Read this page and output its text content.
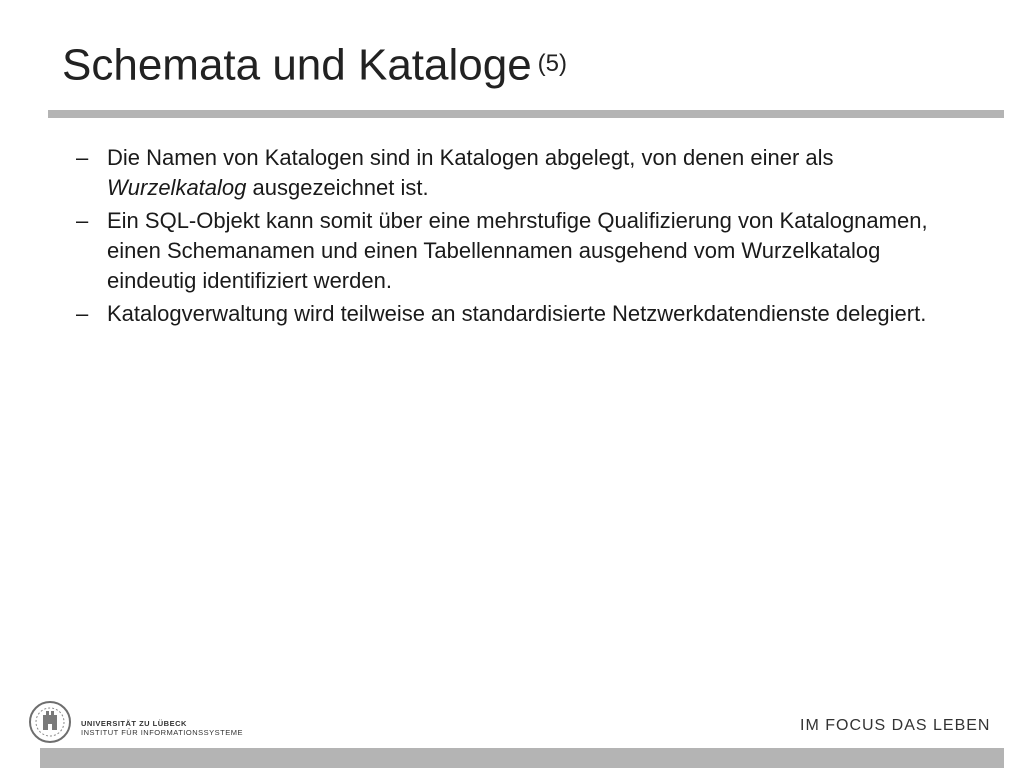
Schemata und Kataloge (5)
– Die Namen von Katalogen sind in Katalogen abgelegt, von denen einer als Wurzelkatalog ausgezeichnet ist.
– Ein SQL-Objekt kann somit über eine mehrstufige Qualifizierung von Katalognamen, einen Schemanamen und einen Tabellennamen ausgehend vom Wurzelkatalog eindeutig identifiziert werden.
– Katalogverwaltung wird teilweise an standardisierte Netzwerkdatendienste delegiert.
UNIVERSITÄT ZU LÜBECK
INSTITUT FÜR INFORMATIONSSYSTEME	IM FOCUS DAS LEBEN
